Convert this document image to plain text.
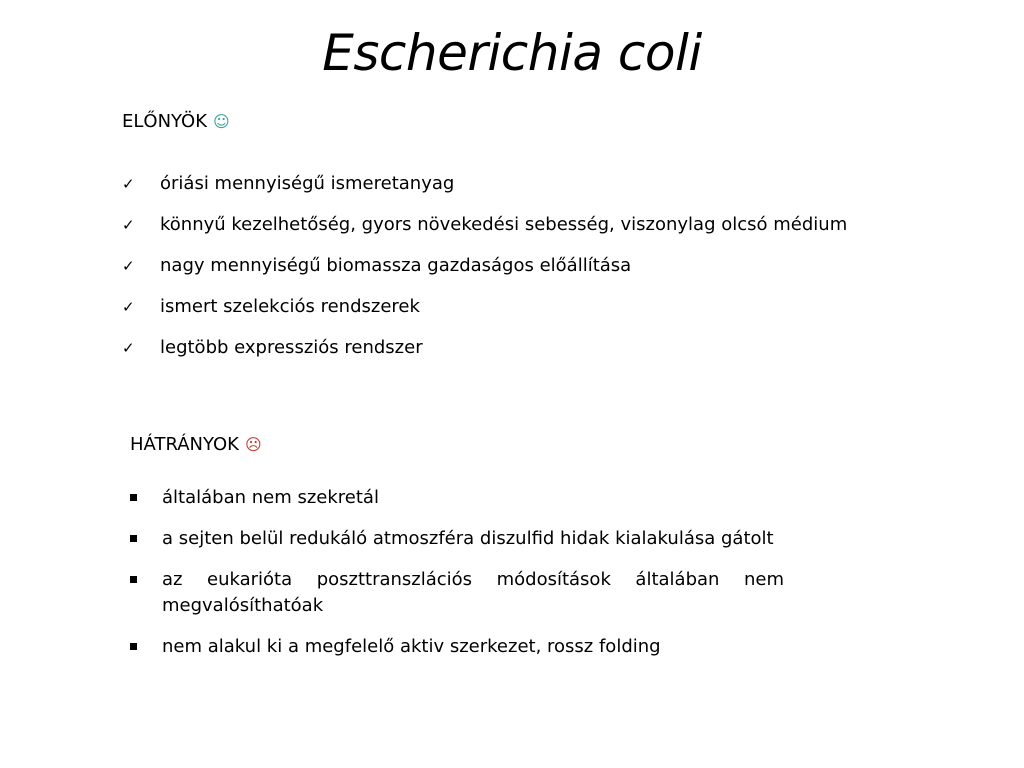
Escherichia coli
ELŐNYÖK ☺
✓ óriási mennyiségű ismeretanyag
✓ könnyű kezelhetőség, gyors növekedési sebesség, viszonylag olcsó médium
✓ nagy mennyiségű biomassza gazdaságos előállítása
✓ ismert szelekciós rendszerek
✓ legtöbb expressziós rendszer
HÁTRÁNYOK ☹
általában nem szekretál
a sejten belül redukáló atmoszféra diszulfid hidak kialakulása gátolt
az eukarióta poszttranszlációs módosítások általában nem megvalósíthatóak
nem alakul ki a megfelelő aktiv szerkezet, rossz folding
